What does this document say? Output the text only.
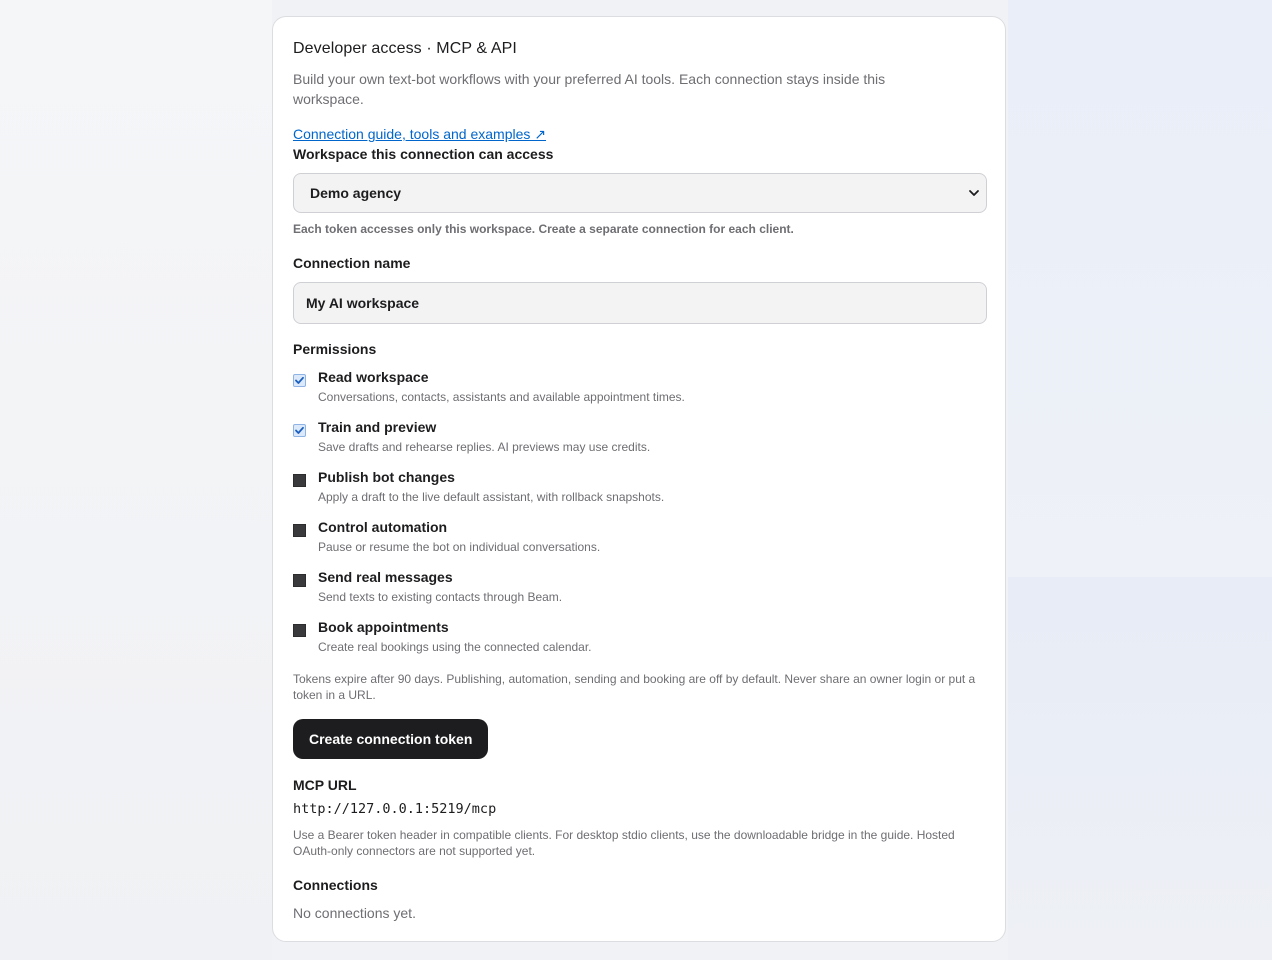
Developer access · MCP & API

Build your own text-bot workflows with your preferred AI tools. Each connection stays inside this workspace.

Connection guide, tools and examples ↗
Workspace this connection can access
Demo agency
Each token accesses only this workspace. Create a separate connection for each client.
Connection name
My AI workspace
Permissions
Read workspace
Conversations, contacts, assistants and available appointment times.
Train and preview
Save drafts and rehearse replies. AI previews may use credits.
Publish bot changes
Apply a draft to the live default assistant, with rollback snapshots.
Control automation
Pause or resume the bot on individual conversations.
Send real messages
Send texts to existing contacts through Beam.
Book appointments
Create real bookings using the connected calendar.

Tokens expire after 90 days. Publishing, automation, sending and booking are off by default. Never share an owner login or put a token in a URL.

Create connection token
MCP URL
http://127.0.0.1:5219/mcp

Use a Bearer token header in compatible clients. For desktop stdio clients, use the downloadable bridge in the guide. Hosted OAuth-only connectors are not supported yet.

Connections
No connections yet.
